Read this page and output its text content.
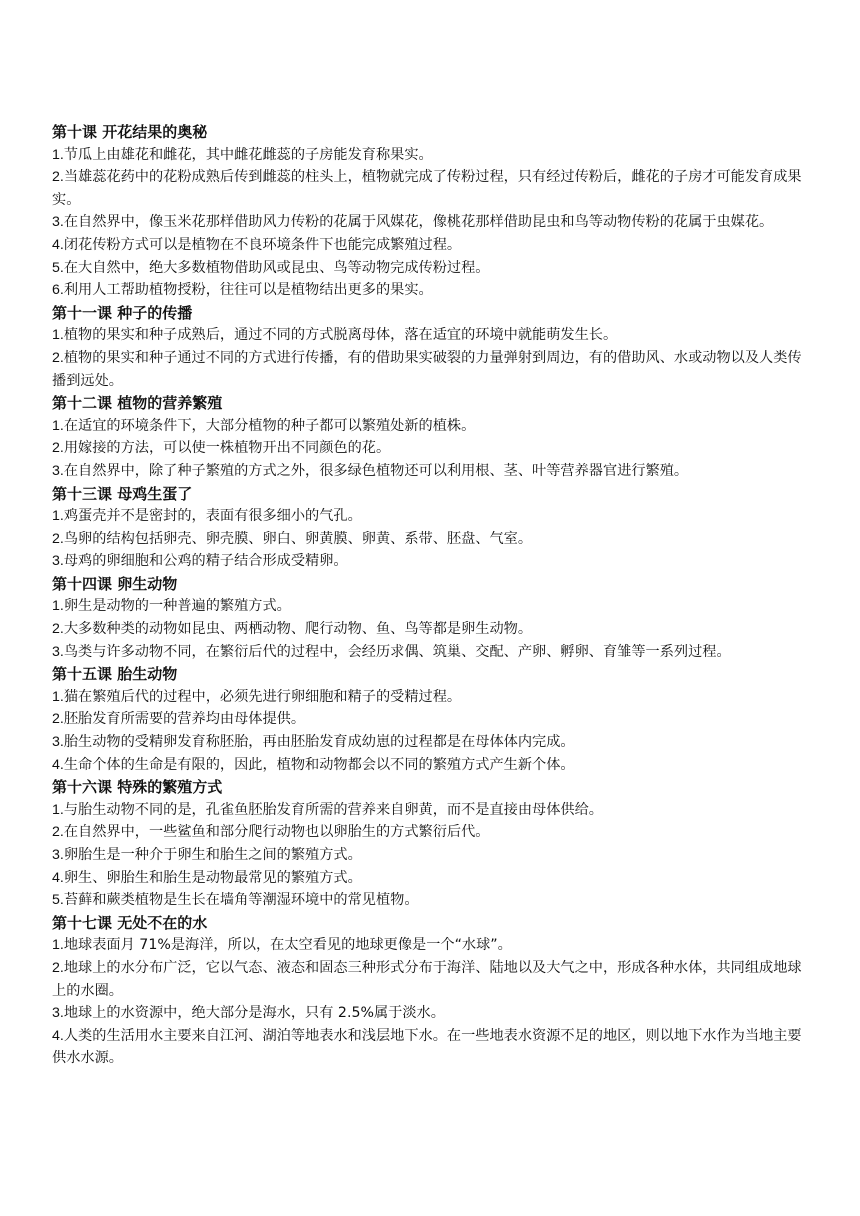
第十课 开花结果的奥秘

1.节瓜上由雄花和雌花，其中雌花雌蕊的子房能发育称果实。

2.当雄蕊花药中的花粉成熟后传到雌蕊的柱头上，植物就完成了传粉过程，只有经过传粉后，雌花的子房才可能发育成果实。

3.在自然界中，像玉米花那样借助风力传粉的花属于风媒花，像桃花那样借助昆虫和鸟等动物传粉的花属于虫媒花。

4.闭花传粉方式可以是植物在不良环境条件下也能完成繁殖过程。

5.在大自然中，绝大多数植物借助风或昆虫、鸟等动物完成传粉过程。

6.利用人工帮助植物授粉，往往可以是植物结出更多的果实。

第十一课 种子的传播

1.植物的果实和种子成熟后，通过不同的方式脱离母体，落在适宜的环境中就能萌发生长。

2.植物的果实和种子通过不同的方式进行传播，有的借助果实破裂的力量弹射到周边，有的借助风、水或动物以及人类传播到远处。

第十二课 植物的营养繁殖

1.在适宜的环境条件下，大部分植物的种子都可以繁殖处新的植株。

2.用嫁接的方法，可以使一株植物开出不同颜色的花。

3.在自然界中，除了种子繁殖的方式之外，很多绿色植物还可以利用根、茎、叶等营养器官进行繁殖。

第十三课 母鸡生蛋了

1.鸡蛋壳并不是密封的，表面有很多细小的气孔。

2.鸟卵的结构包括卵壳、卵壳膜、卵白、卵黄膜、卵黄、系带、胚盘、气室。

3.母鸡的卵细胞和公鸡的精子结合形成受精卵。

第十四课 卵生动物

1.卵生是动物的一种普遍的繁殖方式。

2.大多数种类的动物如昆虫、两栖动物、爬行动物、鱼、鸟等都是卵生动物。

3.鸟类与许多动物不同，在繁衍后代的过程中，会经历求偶、筑巢、交配、产卵、孵卵、育雏等一系列过程。

第十五课 胎生动物

1.猫在繁殖后代的过程中，必须先进行卵细胞和精子的受精过程。

2.胚胎发育所需要的营养均由母体提供。

3.胎生动物的受精卵发育称胚胎，再由胚胎发育成幼崽的过程都是在母体体内完成。

4.生命个体的生命是有限的，因此，植物和动物都会以不同的繁殖方式产生新个体。

第十六课 特殊的繁殖方式

1.与胎生动物不同的是，孔雀鱼胚胎发育所需的营养来自卵黄，而不是直接由母体供给。

2.在自然界中，一些鲨鱼和部分爬行动物也以卵胎生的方式繁衍后代。

3.卵胎生是一种介于卵生和胎生之间的繁殖方式。

4.卵生、卵胎生和胎生是动物最常见的繁殖方式。

5.苔藓和蕨类植物是生长在墙角等潮湿环境中的常见植物。

第十七课 无处不在的水

1.地球表面月 71%是海洋，所以，在太空看见的地球更像是一个“水球”。

2.地球上的水分布广泛，它以气态、液态和固态三种形式分布于海洋、陆地以及大气之中，形成各种水体，共同组成地球上的水圈。

3.地球上的水资源中，绝大部分是海水，只有 2.5%属于淡水。

4.人类的生活用水主要来自江河、湖泊等地表水和浅层地下水。在一些地表水资源不足的地区，则以地下水作为当地主要供水水源。
